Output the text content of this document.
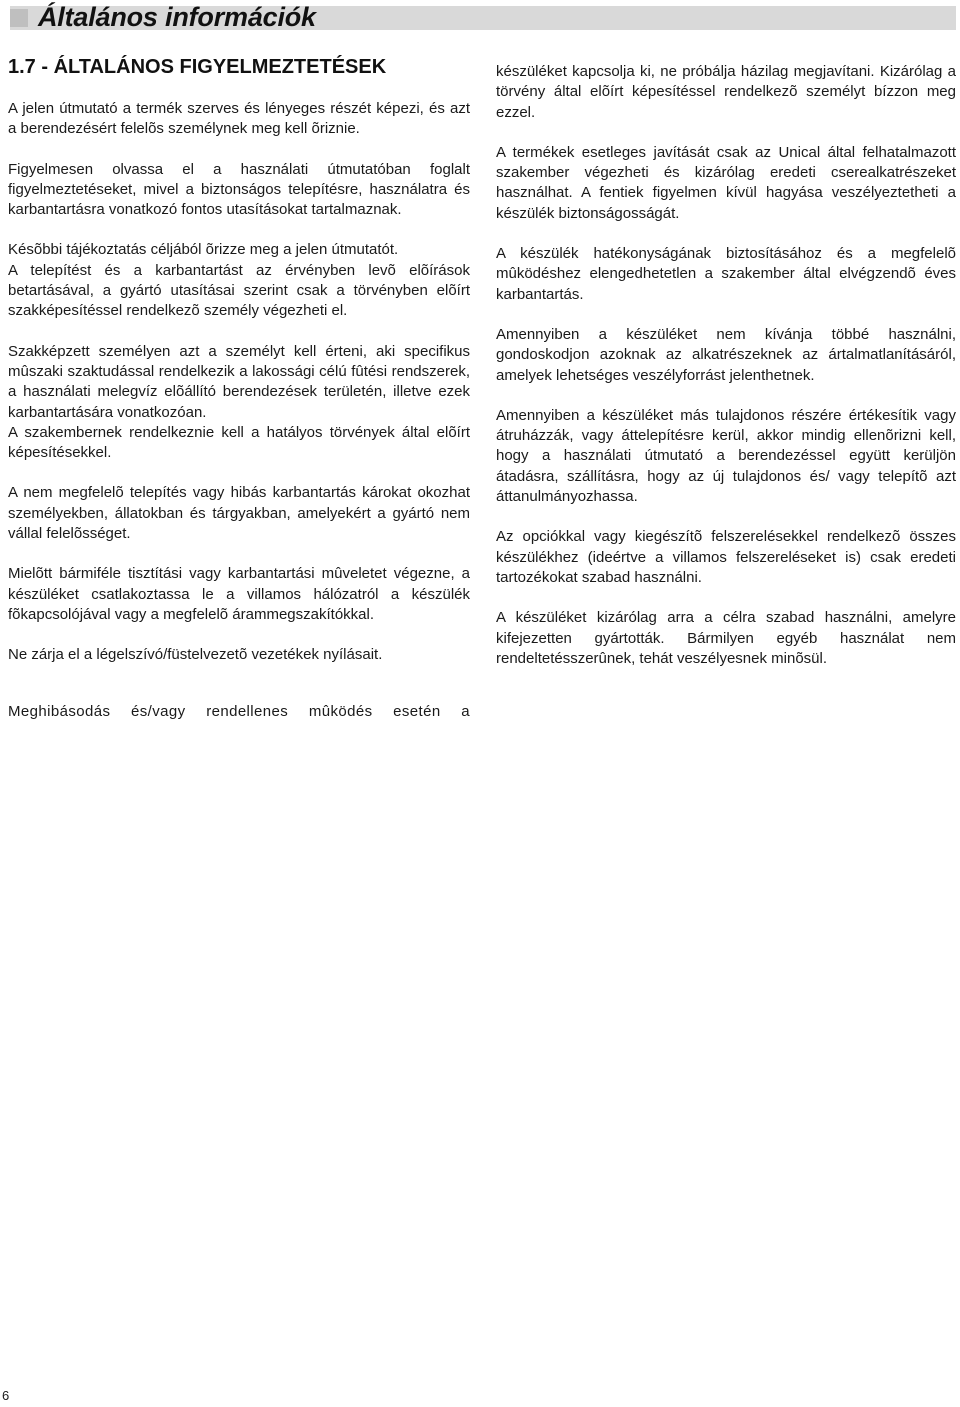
Általános információk
1.7 - ÁLTALÁNOS FIGYELMEZTETÉSEK

A jelen útmutató a termék szerves és lényeges részét képezi, és azt a berendezésért felelõs személynek meg kell õriznie.

Figyelmesen olvassa el a használati útmutatóban foglalt figyelmeztetéseket, mivel a biztonságos telepítésre, használatra és karbantartásra vonatkozó fontos utasításokat tartalmaznak.

Késõbbi tájékoztatás céljából õrizze meg a jelen útmutatót.

A telepítést és a karbantartást az érvényben levõ elõírások betartásával, a gyártó utasításai szerint csak a törvényben elõírt szakképesítéssel rendelkezõ személy végezheti el.

Szakképzett személyen azt a személyt kell érteni, aki specifikus mûszaki szaktudással rendelkezik a lakossági célú fûtési rendszerek, a használati melegvíz elõállító berendezések területén, illetve ezek karbantartására vonatkozóan.

A szakembernek rendelkeznie kell a hatályos törvények által elõírt képesítésekkel.

A nem megfelelõ telepítés vagy hibás karbantartás károkat okozhat személyekben, állatokban és tárgyakban, amelyekért a gyártó nem vállal felelõsséget.

Mielõtt bármiféle tisztítási vagy karbantartási mûveletet végezne, a készüléket csatlakoztassa le a villamos hálózatról a készülék fõkapcsolójával vagy a megfelelõ árammegszakítókkal.

Ne zárja el a légelszívó/füstelvezetõ vezetékek nyílásait.

Meghibásodás és/vagy rendellenes mûködés esetén a

készüléket kapcsolja ki, ne próbálja házilag megjavítani. Kizárólag a törvény által elõírt képesítéssel rendelkezõ személyt bízzon meg ezzel.

A termékek esetleges javítását csak az Unical által felhatalmazott szakember végezheti és kizárólag eredeti cserealkatrészeket használhat. A fentiek figyelmen kívül hagyása veszélyeztetheti a készülék biztonságosságát.

A készülék hatékonyságának biztosításához és a megfelelõ mûködéshez elengedhetetlen a szakember által elvégzendõ éves karbantartás.

Amennyiben a készüléket nem kívánja többé használni, gondoskodjon azoknak az alkatrészeknek az ártalmatlanításáról, amelyek lehetséges veszélyforrást jelenthetnek.

Amennyiben a készüléket más tulajdonos részére értékesítik vagy átruházzák, vagy áttelepítésre kerül, akkor mindig ellenõrizni kell, hogy a használati útmutató a berendezéssel együtt kerüljön átadásra, szállításra, hogy az új tulajdonos és/ vagy telepítõ azt áttanulmányozhassa.

Az opciókkal vagy kiegészítõ felszerelésekkel rendelkezõ összes készülékhez (ideértve a villamos felszereléseket is) csak eredeti tartozékokat szabad használni.

A készüléket kizárólag arra a célra szabad használni, amelyre kifejezetten gyártották. Bármilyen egyéb használat nem rendeltetésszerûnek, tehát veszélyesnek minõsül.

6
